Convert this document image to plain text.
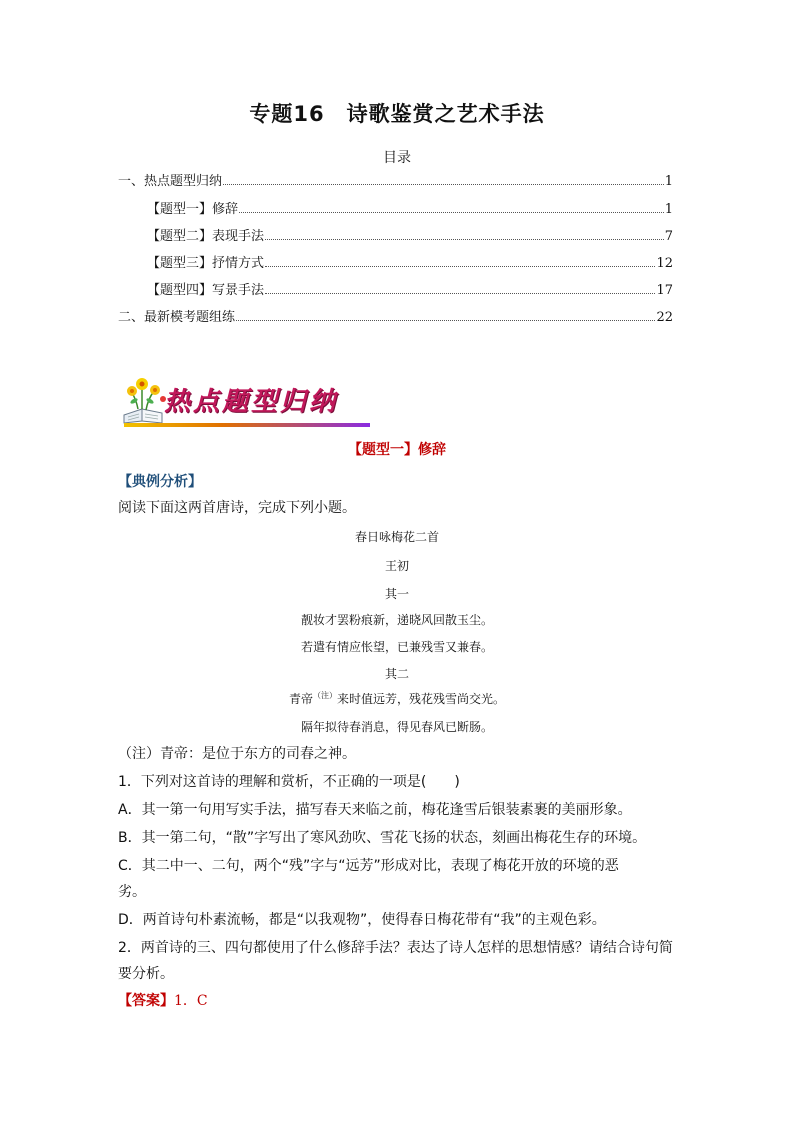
专题16　诗歌鉴赏之艺术手法
目录
一、热点题型归纳	1
【题型一】修辞	1
【题型二】表现手法	7
【题型三】抒情方式	12
【题型四】写景手法	17
二、最新模考题组练	22
热点题型归纳
【题型一】修辞
【典例分析】
阅读下面这两首唐诗，完成下列小题。
春日咏梅花二首
王初
其一
靓妆才罢粉痕新，递晓风回散玉尘。
若遣有情应怅望，已兼残雪又兼春。
其二
青帝$^{(注)}$来时值远芳，残花残雪尚交光。
隔年拟待春消息，得见春风已断肠。
（注）青帝：是位于东方的司春之神。
1．下列对这首诗的理解和赏析，不正确的一项是(　　)
A．其一第一句用写实手法，描写春天来临之前，梅花逢雪后银装素裹的美丽形象。
B．其一第二句，“散”字写出了寒风劲吹、雪花飞扬的状态，刻画出梅花生存的环境。
C．其二中一、二句，两个“残”字与“远芳”形成对比，表现了梅花开放的环境的恶
劣。
D．两首诗句朴素流畅，都是“以我观物”，使得春日梅花带有“我”的主观色彩。
2．两首诗的三、四句都使用了什么修辞手法？表达了诗人怎样的思想情感？请结合诗句简
要分析。
【答案】1．C
